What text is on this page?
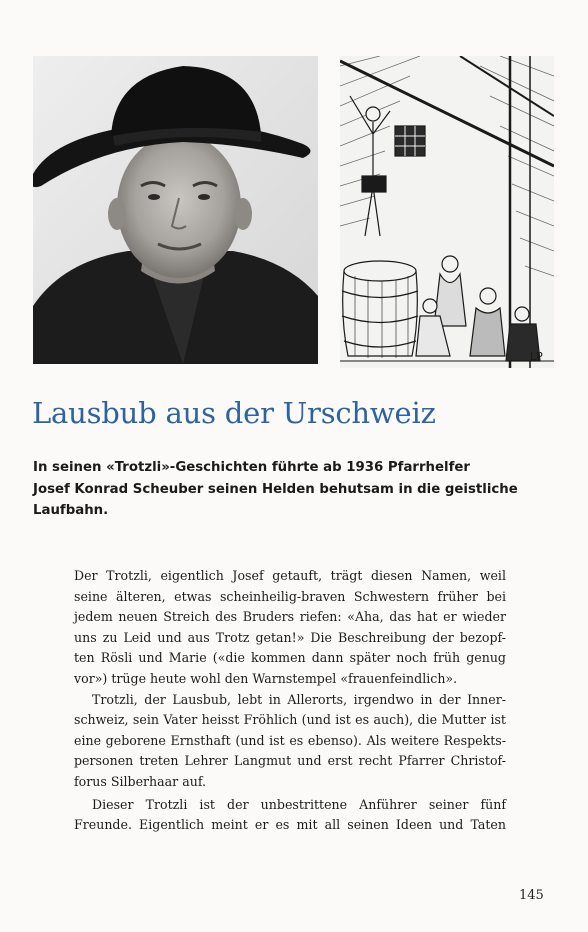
LP
Lausbub aus der Urschweiz
In seinen «Trotzli»-Geschichten führte ab 1936 Pfarrhelfer
Josef Konrad Scheuber seinen Helden behutsam in die geistliche
Laufbahn.
Der Trotzli, eigentlich Josef getauft, trägt diesen Namen, weil
seine älteren, etwas scheinheilig-braven Schwestern früher bei
jedem neuen Streich des Bruders riefen: «Aha, das hat er wieder
uns zu Leid und aus Trotz getan!» Die Beschreibung der bezopf-
ten Rösli und Marie («die kommen dann später noch früh genug
vor») trüge heute wohl den Warnstempel «frauenfeindlich».
Trotzli, der Lausbub, lebt in Allerorts, irgendwo in der Inner-
schweiz, sein Vater heisst Fröhlich (und ist es auch), die Mutter ist
eine geborene Ernsthaft (und ist es ebenso). Als weitere Respekts-
personen treten Lehrer Langmut und erst recht Pfarrer Christof-
forus Silberhaar auf.
Dieser Trotzli ist der unbestrittene Anführer seiner fünf
Freunde. Eigentlich meint er es mit all seinen Ideen und Taten
145
